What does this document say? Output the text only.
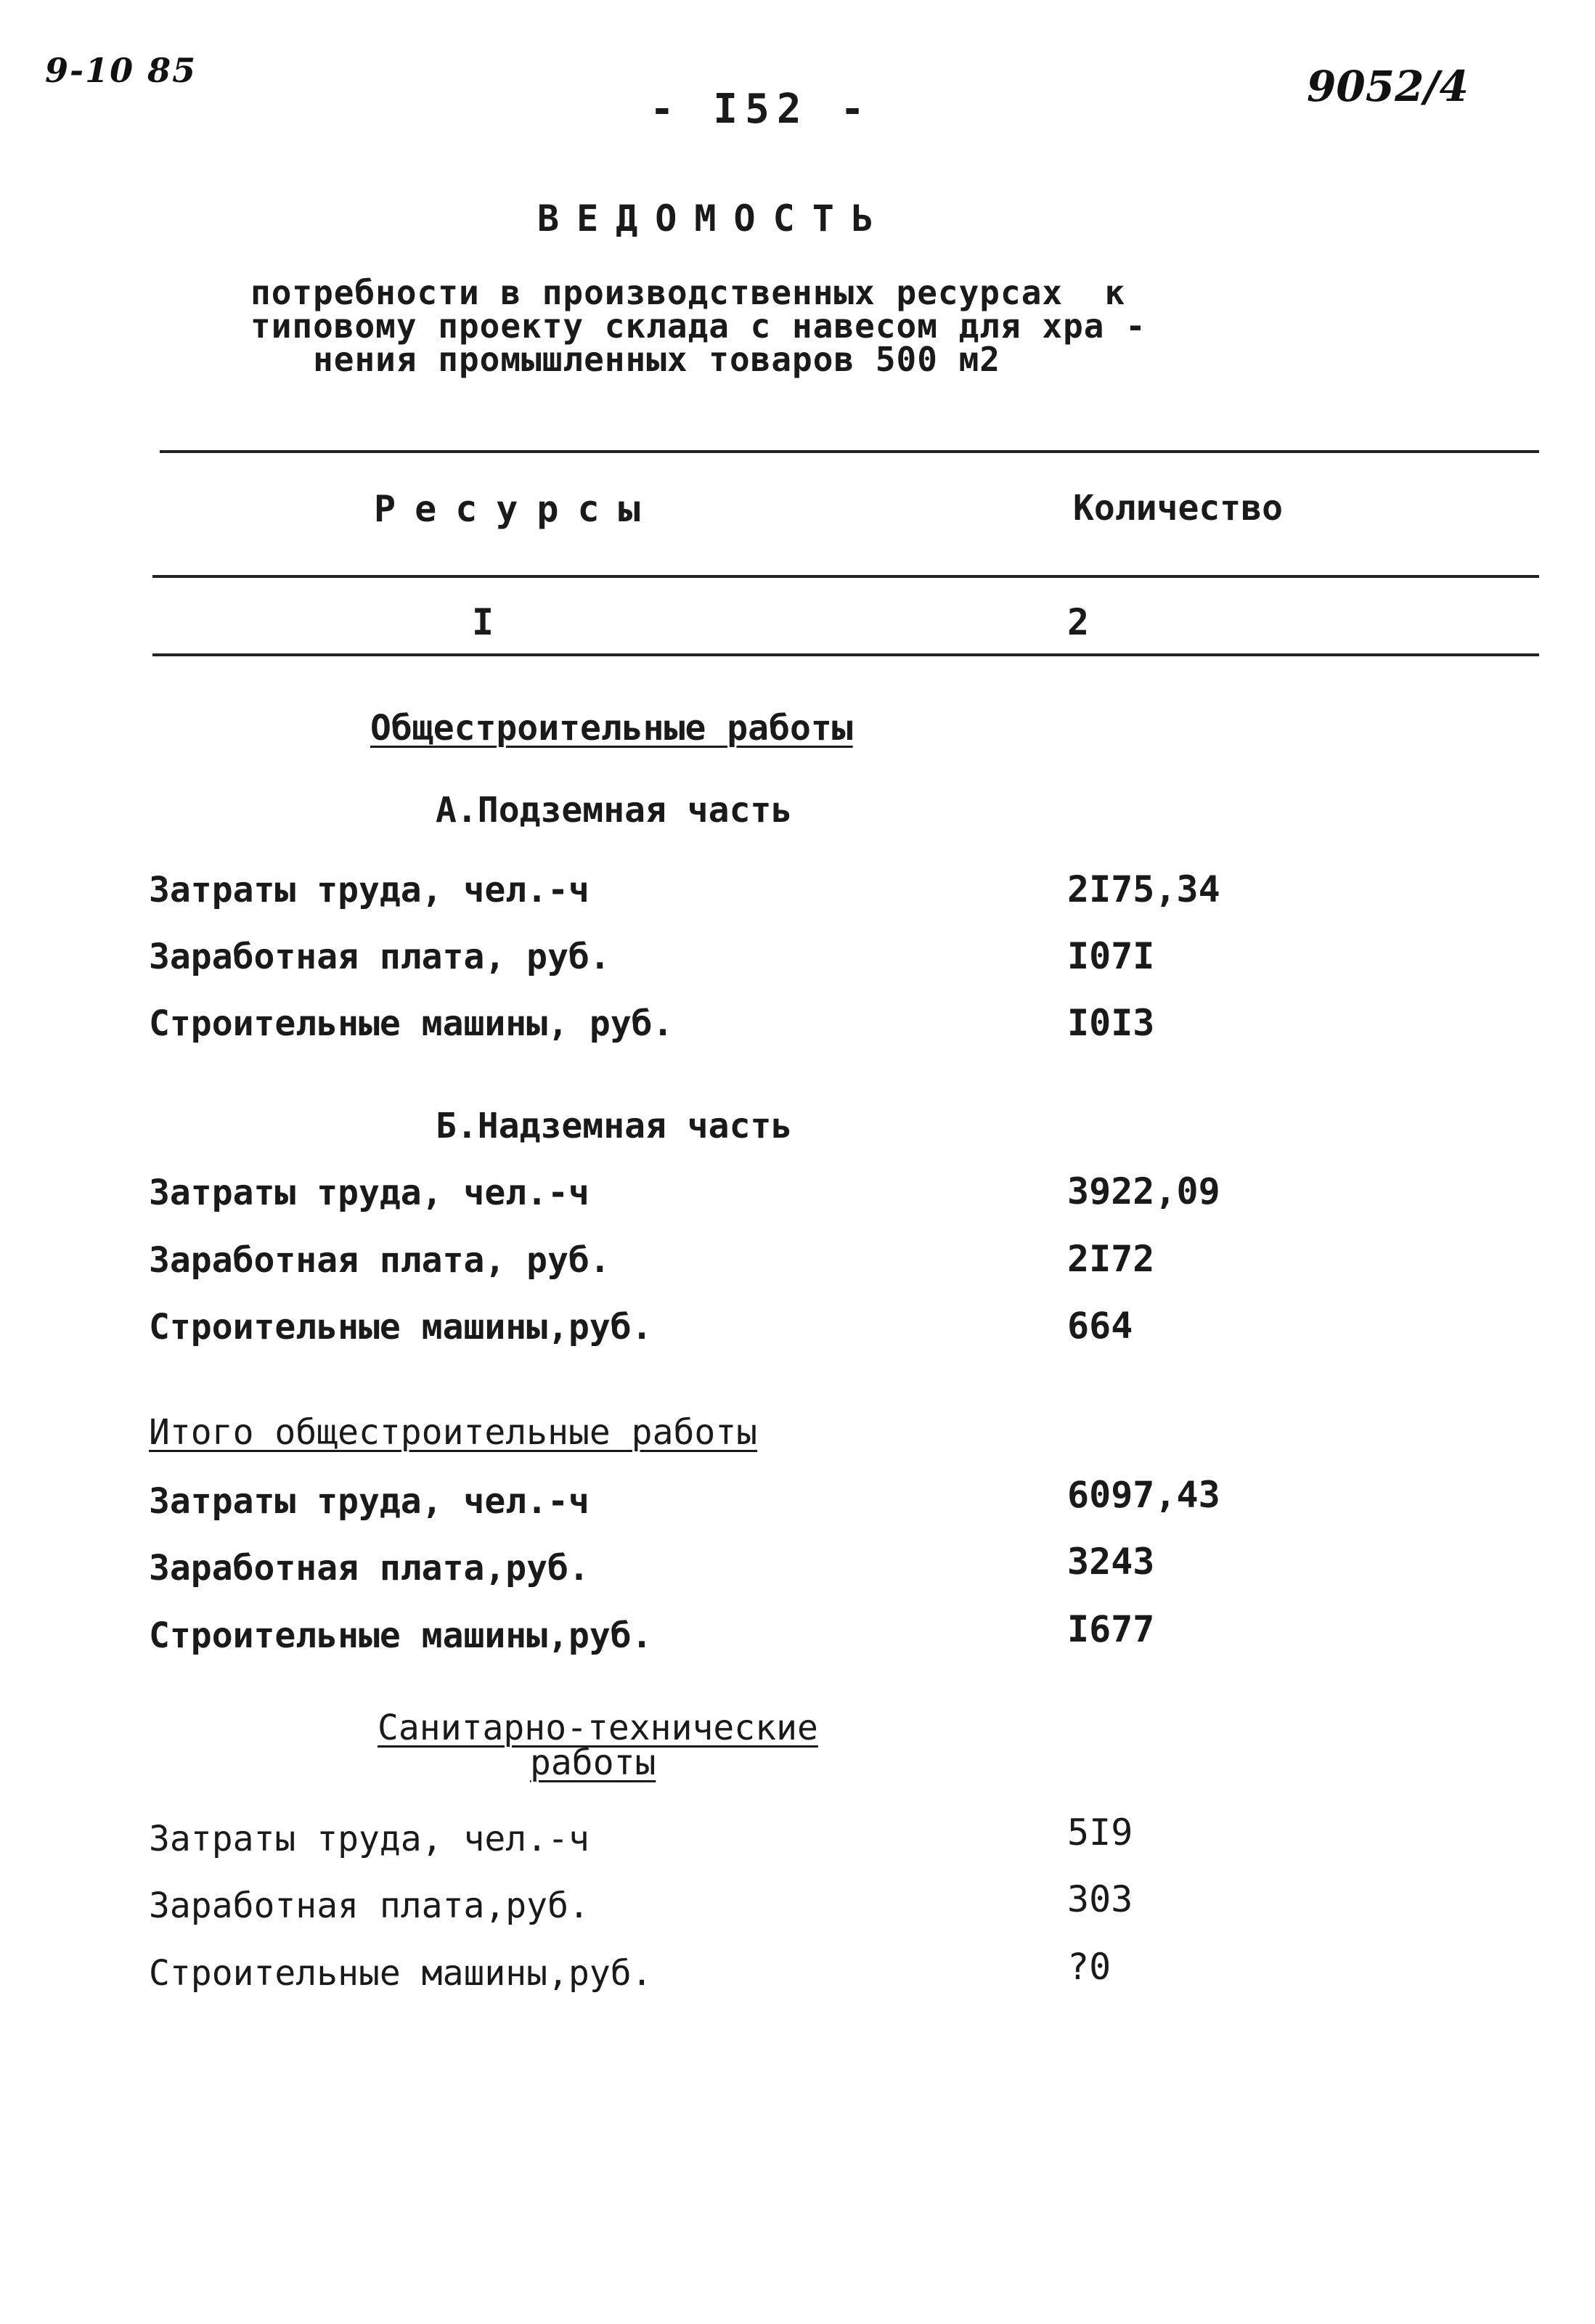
9-10 85
- I52 -	9052/4
ВЕДОМОСТЬ
потребности в производственных ресурсах  к
типовому проекту склада с навесом для хра -
нения промышленных товаров 500 м2
Ресурсы	Количество
I	2
Общестроительные работы
А.Подземная часть
Затраты труда, чел.-ч	2I75,34
Заработная плата, руб.	I07I
Строительные машины, руб.	I0I3
Б.Надземная часть
Затраты труда, чел.-ч	3922,09
Заработная плата, руб.	2I72
Строительные машины,руб.	664
Итого общестроительные работы
Затраты труда, чел.-ч	6097,43
Заработная плата,руб.	3243
Строительные машины,руб.	I677
Санитарно-технические
работы
Затраты труда, чел.-ч	5I9
Заработная плата,руб.	303
Строительные машины,руб.	?0
